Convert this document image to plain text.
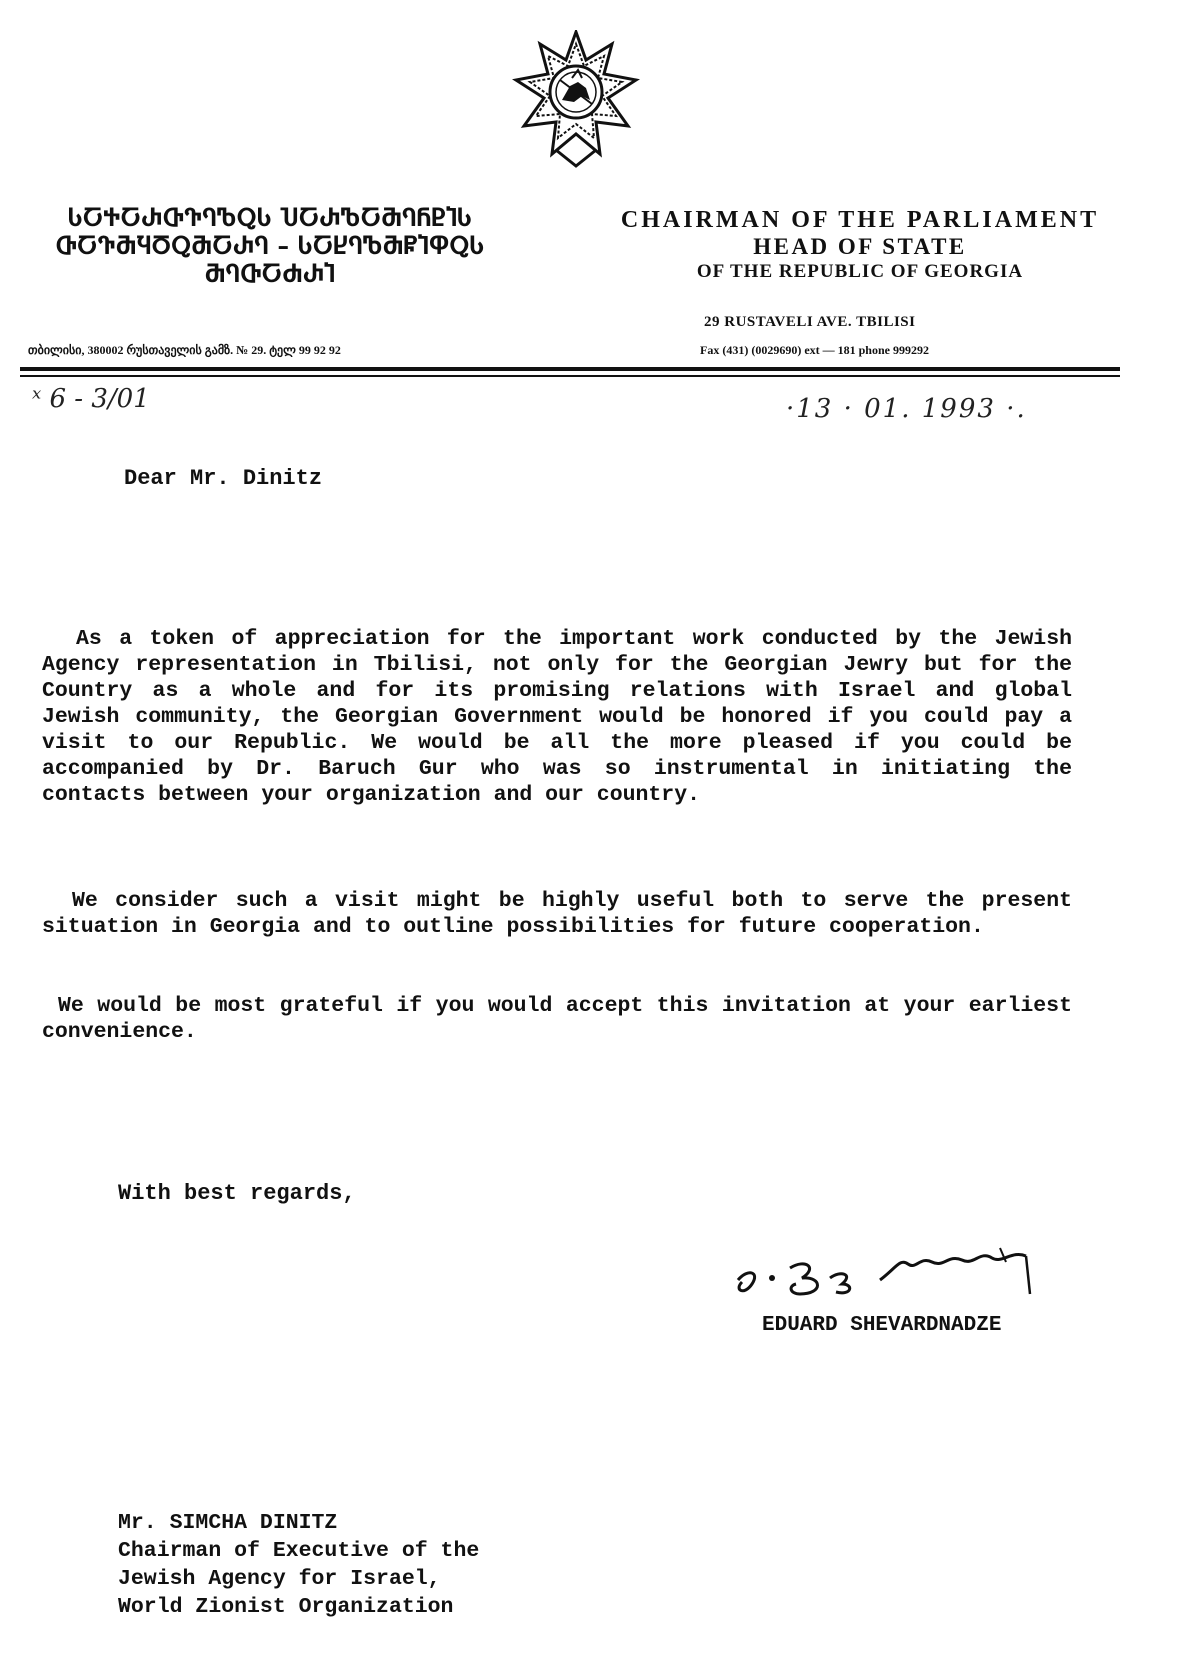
ႱႠႵႠႰႧႥႤႪႭႱ ႮႠႰႪႠႫႤႬႲႨႱ
ႧႠႥႫႯႣႭႫႠႰႤ – ႱႠႾႤႪႫႼႨႴႭႱ
ႫႤႧႠႻႰႨ
CHAIRMAN OF THE PARLIAMENT
HEAD OF STATE
OF THE REPUBLIC OF GEORGIA
29 RUSTAVELI AVE. TBILISI
თბილისი, 380002 რუსთაველის გამზ. № 29. ტელ 99 92 92	Fax (431) (0029690) ext — 181 phone 999292
ˣ 6 - 3/01	·13 · 01. 1993 ·.
Dear Mr. Dinitz
As a token of appreciation for the important work conducted by the Jewish Agency representation in Tbilisi, not only for the Georgian Jewry but for the Country as a whole and for its promising relations with Israel and global Jewish community, the Georgian Government would be honored if you could pay a visit to our Republic. We would be all the more pleased if you could be accompanied by Dr. Baruch Gur who was so instrumental in initiating the contacts between your organization and our country.
We consider such a visit might be highly useful both to serve the present situation in Georgia and to outline possibilities for future cooperation.
We would be most grateful if you would accept this invitation at your earliest convenience.
With best regards,
EDUARD SHEVARDNADZE
Mr. SIMCHA DINITZ
Chairman of Executive of the
Jewish Agency for Israel,
World Zionist Organization
